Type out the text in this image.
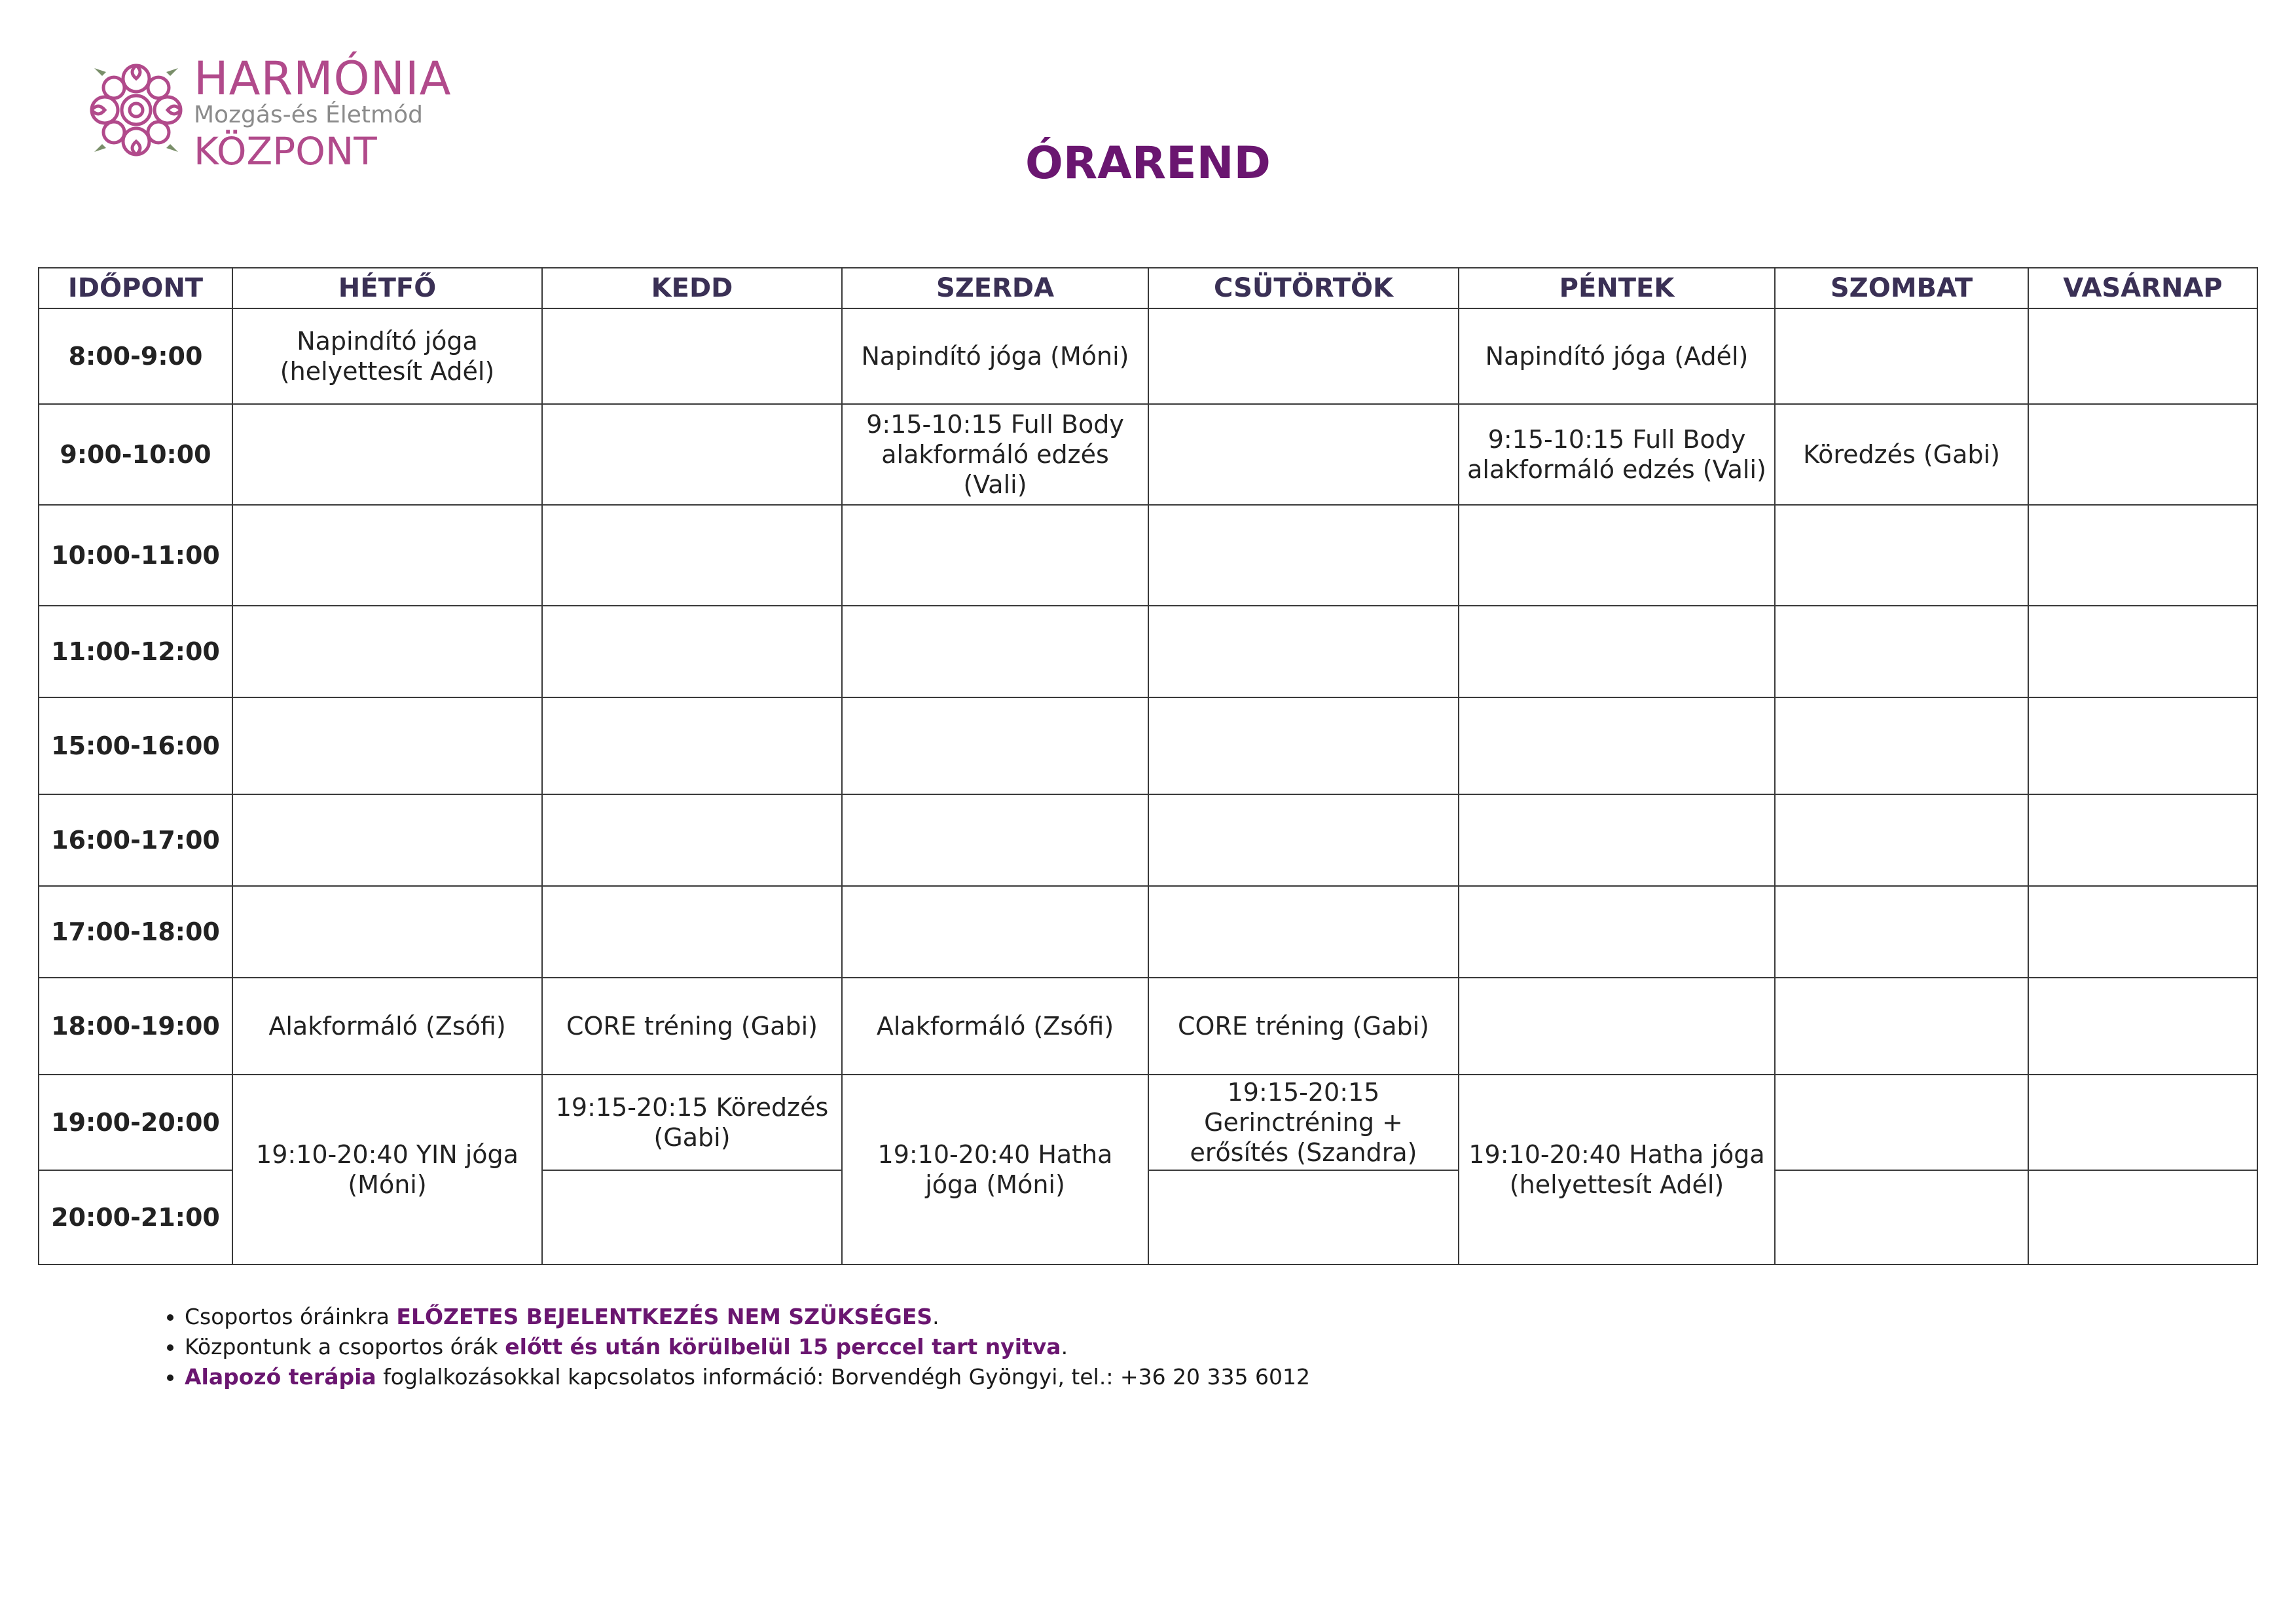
HARMÓNIA
Mozgás-és Életmód
KÖZPONT	ÓRAREND
IDŐPONT	HÉTFŐ	KEDD	SZERDA	CSÜTÖRTÖK	PÉNTEK	SZOMBAT	VASÁRNAP
8:00-9:00	Napindító jóga (helyettesít Adél)		Napindító jóga (Móni)		Napindító jóga (Adél)		
9:00-10:00			9:15-10:15 Full Body alakformáló edzés (Vali)		9:15-10:15 Full Body alakformáló edzés (Vali)	Köredzés (Gabi)	
10:00-11:00							
11:00-12:00							
15:00-16:00							
16:00-17:00							
17:00-18:00							
18:00-19:00	Alakformáló (Zsófi)	CORE tréning (Gabi)	Alakformáló (Zsófi)	CORE tréning (Gabi)			
19:00-20:00	19:10-20:40 YIN jóga (Móni)	19:15-20:15 Köredzés (Gabi)	19:10-20:40 Hatha jóga (Móni)	19:15-20:15 Gerinctréning + erősítés (Szandra)	19:10-20:40 Hatha jóga (helyettesít Adél)		
20:00-21:00							
• Csoportos óráinkra ELŐZETES BEJELENTKEZÉS NEM SZÜKSÉGES.
• Központunk a csoportos órák előtt és után körülbelül 15 perccel tart nyitva.
• Alapozó terápia foglalkozásokkal kapcsolatos információ: Borvendégh Gyöngyi, tel.: +36 20 335 6012
